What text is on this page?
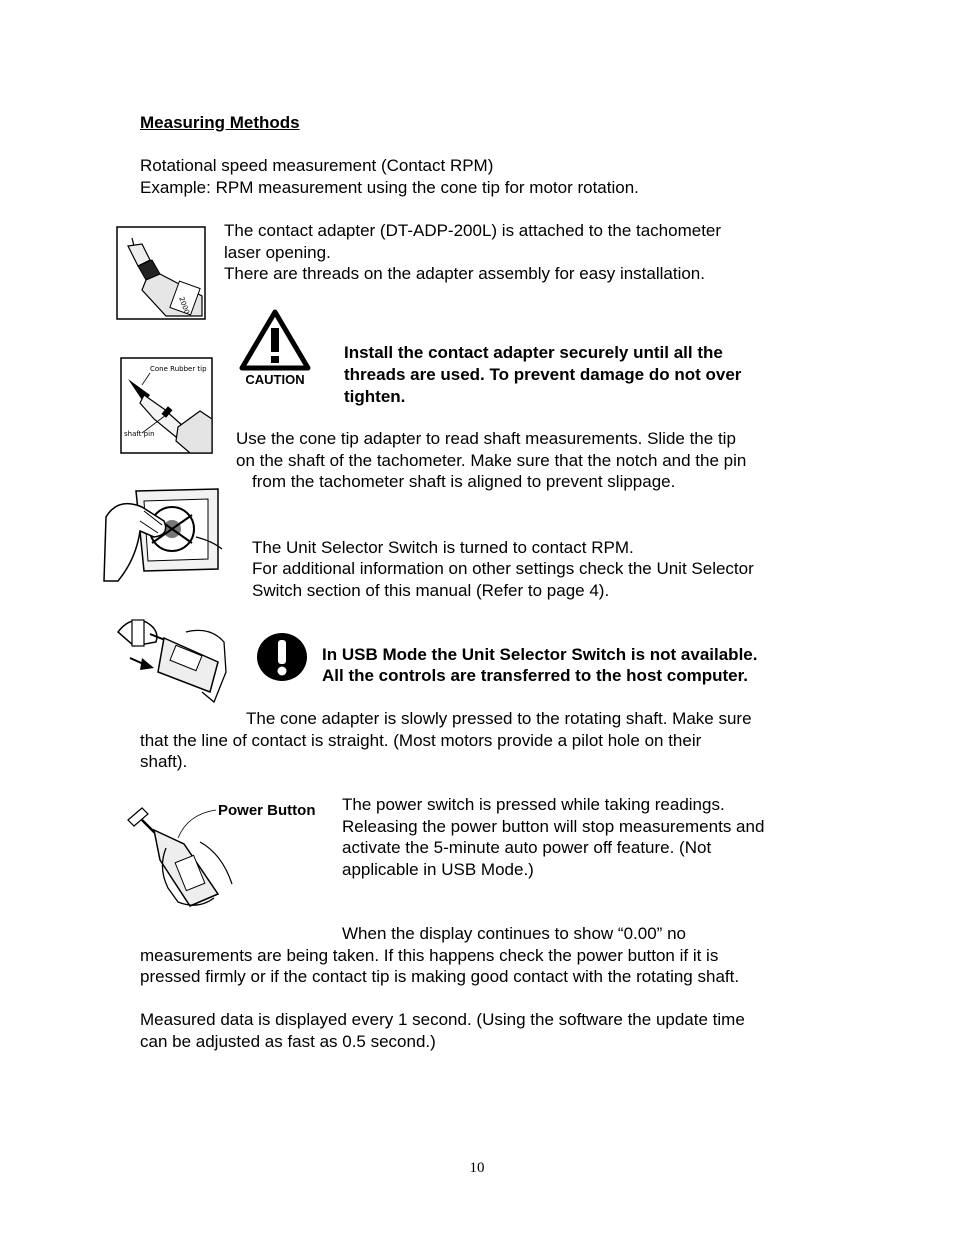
Measuring Methods

Rotational speed measurement (Contact RPM)

Example: RPM measurement using the cone tip for motor rotation.

2000

The contact adapter (DT-ADP-200L) is attached to the tachometer

laser opening.

There are threads on the adapter assembly for easy installation.

CAUTION

Install the contact adapter securely until all the

threads are used. To prevent damage do not over

tighten.

Cone Rubber tip
shaft pin	Use the cone tip adapter to read shaft measurements. Slide the tip

on the shaft of the tachometer. Make sure that the notch and the pin

from the tachometer shaft is aligned to prevent slippage.

The Unit Selector Switch is turned to contact RPM.

For additional information on other settings check the Unit Selector

Switch section of this manual (Refer to page 4).

In USB Mode the Unit Selector Switch is not available.

All the controls are transferred to the host computer.

The cone adapter is slowly pressed to the rotating shaft. Make sure

that the line of contact is straight. (Most motors provide a pilot hole on their

shaft).

Power Button The power switch is pressed while taking readings.

Releasing the power button will stop measurements and

activate the 5-minute auto power off feature. (Not

applicable in USB Mode.)

When the display continues to show “0.00” no

measurements are being taken. If this happens check the power button if it is

pressed firmly or if the contact tip is making good contact with the rotating shaft.

Measured data is displayed every 1 second. (Using the software the update time

can be adjusted as fast as 0.5 second.)

10
